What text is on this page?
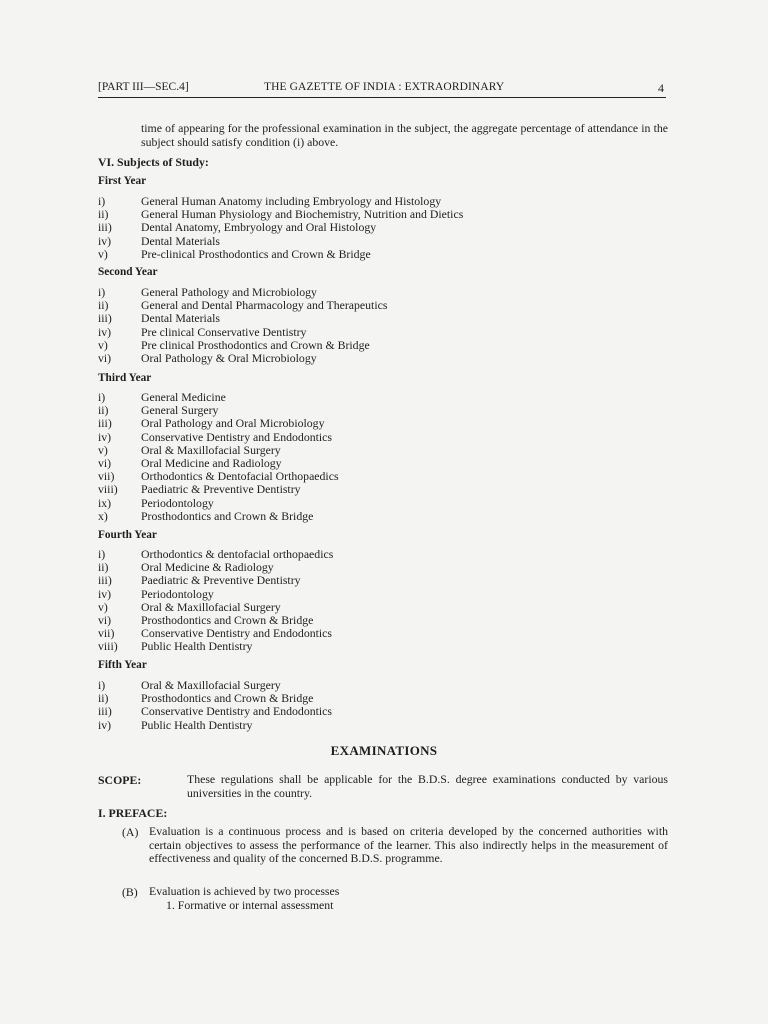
[PART III—SEC.4]	THE GAZETTE OF INDIA : EXTRAORDINARY	4
time of appearing for the professional examination in the subject, the aggregate percentage of attendance in the subject should satisfy condition (i) above.
VI. Subjects of Study:
First Year
i)	General Human Anatomy including Embryology and Histology
ii)	General Human Physiology and Biochemistry, Nutrition and Dietics
iii) Dental Anatomy, Embryology and Oral Histology
iv)	Dental Materials
v)	Pre-clinical Prosthodontics and Crown & Bridge
Second Year
i)	General Pathology and Microbiology
ii)	General and Dental Pharmacology and Therapeutics
iii) Dental Materials
iv)	Pre clinical Conservative Dentistry
v)	Pre clinical Prosthodontics and Crown & Bridge
vi)	Oral Pathology & Oral Microbiology
Third Year
i)	General Medicine
ii)	General Surgery
iii) Oral Pathology and Oral Microbiology
iv)	Conservative Dentistry and Endodontics
v)	Oral & Maxillofacial Surgery
vi)	Oral Medicine and Radiology
vii) Orthodontics & Dentofacial Orthopaedics
viii) Paediatric & Preventive Dentistry
ix)	Periodontology
x)	Prosthodontics and Crown & Bridge
Fourth Year
i)	Orthodontics & dentofacial orthopaedics
ii)	Oral Medicine & Radiology
iii) Paediatric & Preventive Dentistry
iv)	Periodontology
v)	Oral & Maxillofacial Surgery
vi)	Prosthodontics and Crown & Bridge
vii) Conservative Dentistry and Endodontics
viii) Public Health Dentistry
Fifth Year
i)	Oral & Maxillofacial Surgery
ii)	Prosthodontics and Crown & Bridge
iii) Conservative Dentistry and Endodontics
iv)	Public Health Dentistry
EXAMINATIONS
SCOPE:	These regulations shall be applicable for the B.D.S. degree examinations conducted by various universities in the country.
I. PREFACE:
(A) Evaluation is a continuous process and is based on criteria developed by the concerned authorities with certain objectives to assess the performance of the learner. This also indirectly helps in the measurement of effectiveness and quality of the concerned B.D.S. programme.
(B) Evaluation is achieved by two processes
1. Formative or internal assessment
